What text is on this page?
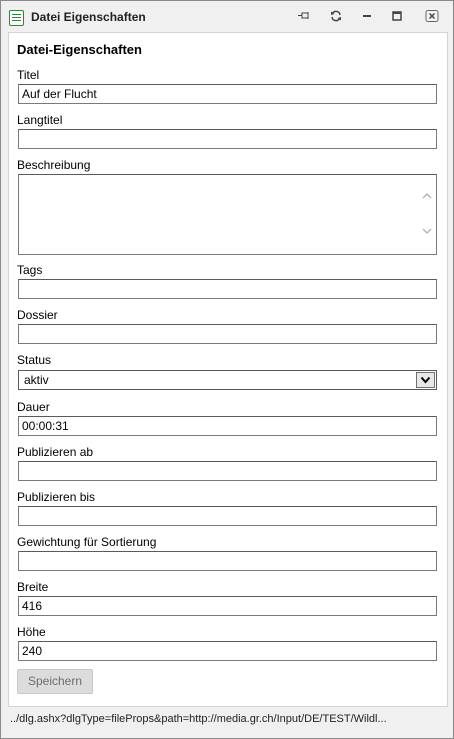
Datei Eigenschaften
Datei-Eigenschaften
Titel
Auf der Flucht
Langtitel
Beschreibung
Tags
Dossier
Status
aktiv
Dauer
00:00:31
Publizieren ab
Publizieren bis
Gewichtung für Sortierung
Breite
416
Höhe
240
Speichern
../dlg.ashx?dlgType=fileProps&path=http://media.gr.ch/Input/DE/TEST/Wildl...
